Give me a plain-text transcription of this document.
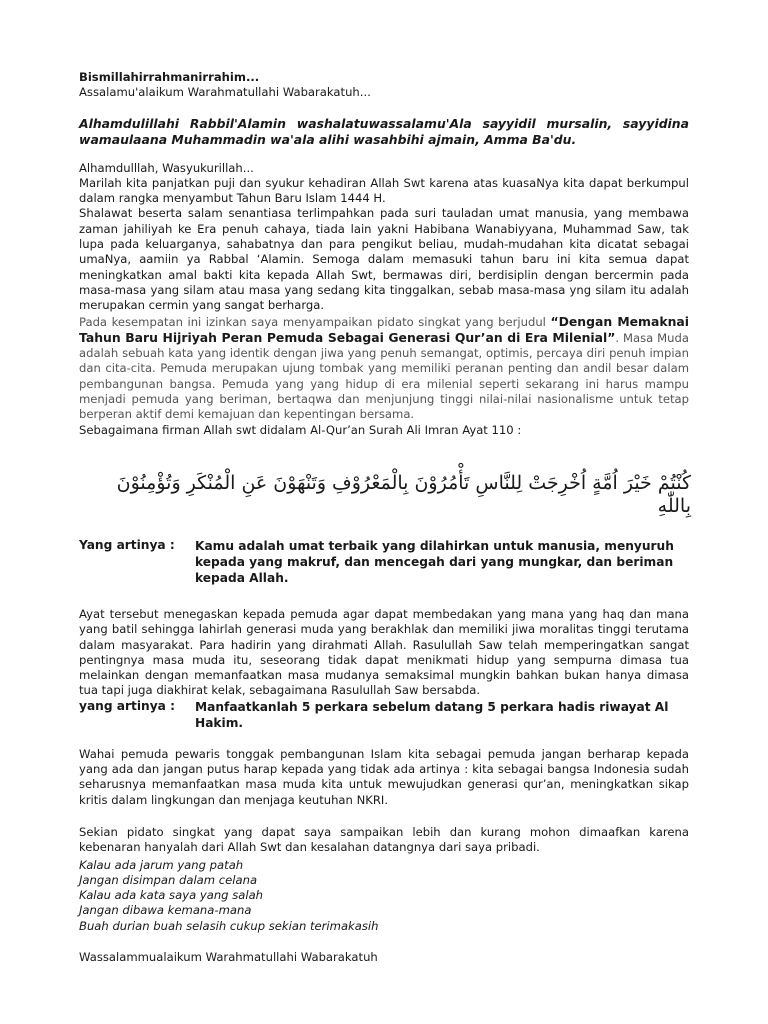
Bismillahirrahmanirrahim...

Assalamu'alaikum Warahmatullahi Wabarakatuh...

Alhamdulillahi Rabbil'Alamin washalatuwassalamu'Ala sayyidil mursalin, sayyidina wamaulaana Muhammadin wa'ala alihi wasahbihi ajmain, Amma Ba'du.

Alhamdulllah, Wasyukurillah...

Marilah kita panjatkan puji dan syukur kehadiran Allah Swt karena atas kuasaNya kita dapat berkumpul dalam rangka menyambut Tahun Baru Islam 1444 H.

Shalawat beserta salam senantiasa terlimpahkan pada suri tauladan umat manusia, yang membawa zaman jahiliyah ke Era penuh cahaya, tiada lain yakni Habibana Wanabiyyana, Muhammad Saw, tak lupa pada keluarganya, sahabatnya dan para pengikut beliau, mudah-mudahan kita dicatat sebagai umaNya, aamiin ya Rabbal ‘Alamin. Semoga dalam memasuki tahun baru ini kita semua dapat meningkatkan amal bakti kita kepada Allah Swt, bermawas diri, berdisiplin dengan bercermin pada masa-masa yang silam atau masa yang sedang kita tinggalkan, sebab masa-masa yng silam itu adalah merupakan cermin yang sangat berharga.

Pada kesempatan ini izinkan saya menyampaikan pidato singkat yang berjudul “Dengan Memaknai Tahun Baru Hijriyah Peran Pemuda Sebagai Generasi Qur’an di Era Milenial”. Masa Muda adalah sebuah kata yang identik dengan jiwa yang penuh semangat, optimis, percaya diri penuh impian dan cita-cita. Pemuda merupakan ujung tombak yang memiliki peranan penting dan andil besar dalam pembangunan bangsa. Pemuda yang yang hidup di era milenial seperti sekarang ini harus mampu menjadi pemuda yang beriman, bertaqwa dan menjunjung tinggi nilai-nilai nasionalisme untuk tetap berperan aktif demi kemajuan dan kepentingan bersama.

Sebagaimana firman Allah swt didalam Al-Qur’an Surah Ali Imran Ayat 110 :

كُنْتُمْ خَيْرَ اُمَّةٍ اُخْرِجَتْ لِلنَّاسِ تَأْمُرُوْنَ بِالْمَعْرُوْفِ وَتَنْهَوْنَ عَنِ الْمُنْكَرِ وَتُؤْمِنُوْنَ بِاللّٰهِ

Yang artinya :	Kamu adalah umat terbaik yang dilahirkan untuk manusia, menyuruh kepada yang makruf, dan mencegah dari yang mungkar, dan beriman kepada Allah.

Ayat tersebut menegaskan kepada pemuda agar dapat membedakan yang mana yang haq dan mana yang batil sehingga lahirlah generasi muda yang berakhlak dan memiliki jiwa moralitas tinggi terutama dalam masyarakat. Para hadirin yang dirahmati Allah. Rasulullah Saw telah memperingatkan sangat pentingnya masa muda itu, seseorang tidak dapat menikmati hidup yang sempurna dimasa tua melainkan dengan memanfaatkan masa mudanya semaksimal mungkin bahkan bukan hanya dimasa tua tapi juga diakhirat kelak, sebagaimana Rasulullah Saw bersabda.

yang artinya :	Manfaatkanlah 5 perkara sebelum datang 5 perkara hadis riwayat Al Hakim.

Wahai pemuda pewaris tonggak pembangunan Islam kita sebagai pemuda jangan berharap kepada yang ada dan jangan putus harap kepada yang tidak ada artinya : kita sebagai bangsa Indonesia sudah seharusnya memanfaatkan masa muda kita untuk mewujudkan generasi qur’an, meningkatkan sikap kritis dalam lingkungan dan menjaga keutuhan NKRI.

Sekian pidato singkat yang dapat saya sampaikan lebih dan kurang mohon dimaafkan karena kebenaran hanyalah dari Allah Swt dan kesalahan datangnya dari saya pribadi.

Kalau ada jarum yang patah

Jangan disimpan dalam celana

Kalau ada kata saya yang salah

Jangan dibawa kemana-mana

Buah durian buah selasih cukup sekian terimakasih

Wassalammualaikum Warahmatullahi Wabarakatuh
